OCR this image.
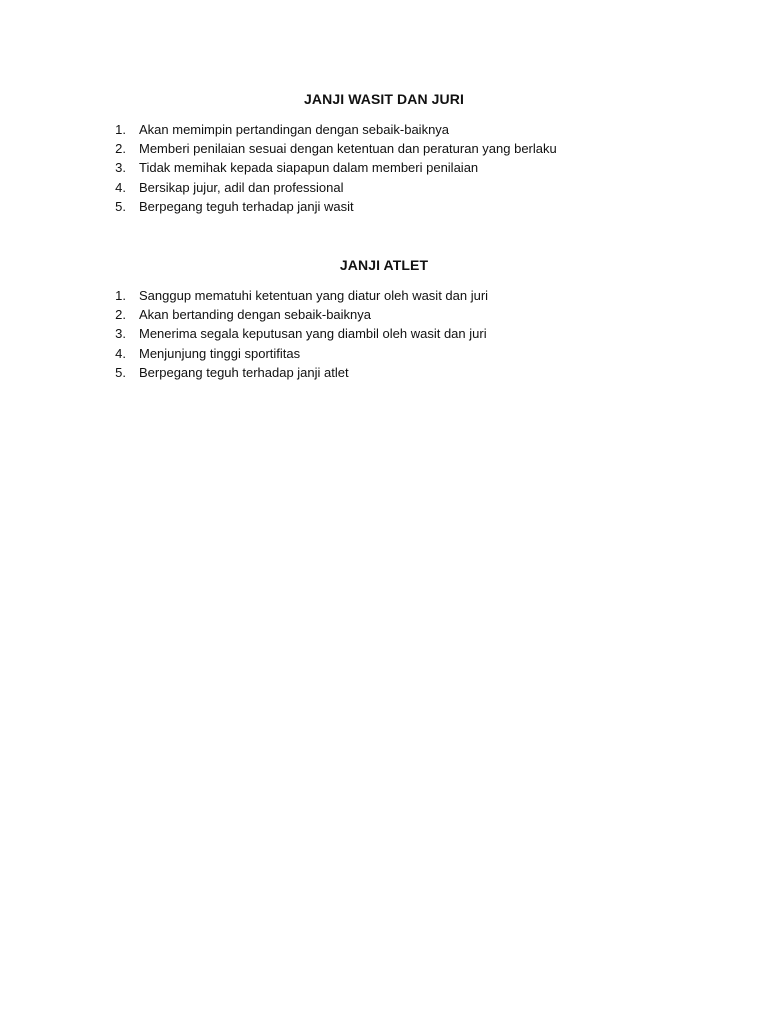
JANJI WASIT DAN JURI
1.	Akan memimpin pertandingan dengan sebaik-baiknya
2.	Memberi penilaian sesuai dengan ketentuan dan peraturan yang berlaku
3.	Tidak memihak kepada siapapun dalam memberi penilaian
4.	Bersikap jujur, adil dan professional
5.	Berpegang teguh terhadap janji wasit
JANJI ATLET
1.	Sanggup mematuhi ketentuan yang diatur oleh wasit dan juri
2.	Akan bertanding dengan sebaik-baiknya
3.	Menerima segala keputusan yang diambil oleh wasit dan juri
4.	Menjunjung tinggi sportifitas
5.	Berpegang teguh terhadap janji atlet
